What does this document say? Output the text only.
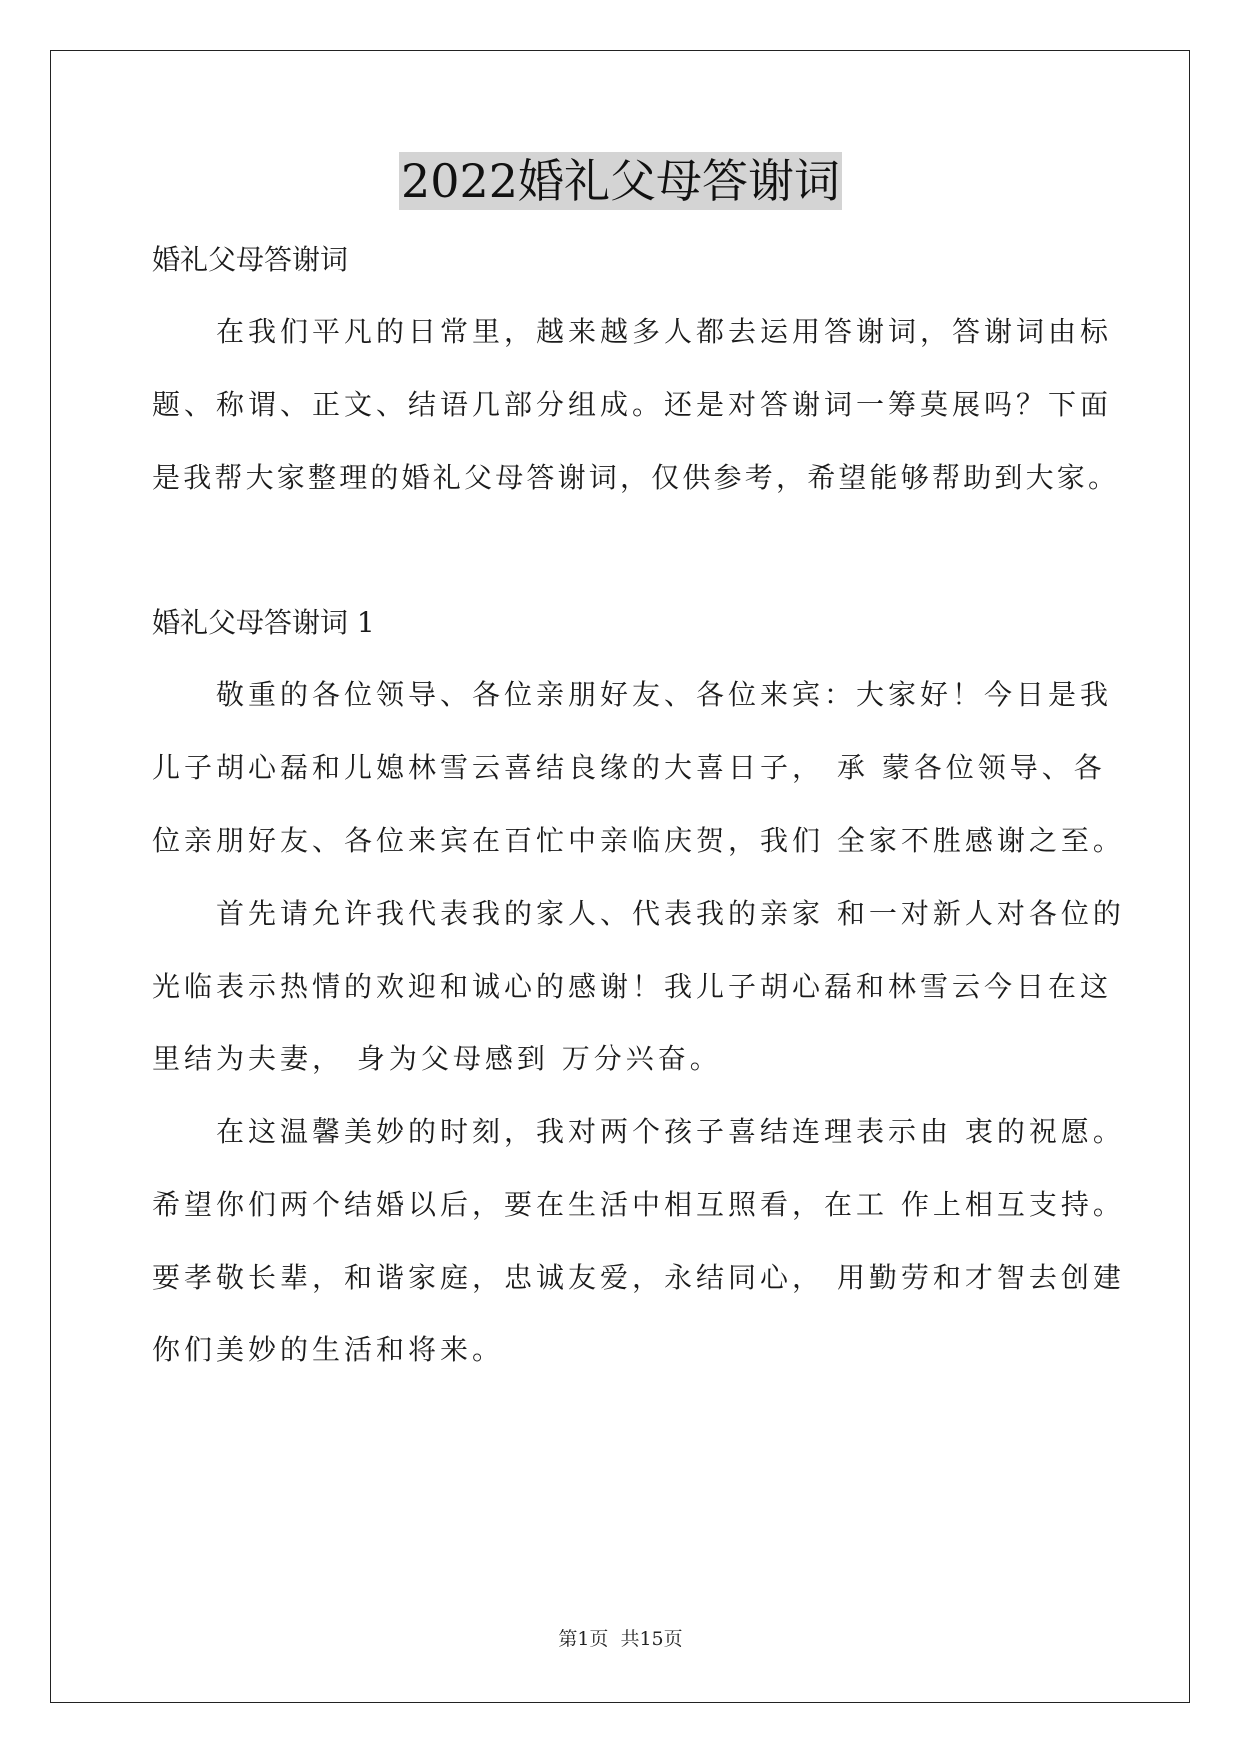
2022婚礼父母答谢词
婚礼父母答谢词
在我们平凡的日常里，越来越多人都去运用答谢词，答谢词由标
题、称谓、正文、结语几部分组成。还是对答谢词一筹莫展吗？下面
是我帮大家整理的婚礼父母答谢词，仅供参考，希望能够帮助到大家。
婚礼父母答谢词 1
敬重的各位领导、各位亲朋好友、各位来宾：大家好！今日是我
儿子胡心磊和儿媳林雪云喜结良缘的大喜日子， 承 蒙各位领导、各
位亲朋好友、各位来宾在百忙中亲临庆贺，我们 全家不胜感谢之至。
首先请允许我代表我的家人、代表我的亲家 和一对新人对各位的
光临表示热情的欢迎和诚心的感谢！我儿子胡心磊和林雪云今日在这
里结为夫妻， 身为父母感到 万分兴奋。
在这温馨美妙的时刻，我对两个孩子喜结连理表示由 衷的祝愿。
希望你们两个结婚以后，要在生活中相互照看，在工 作上相互支持。
要孝敬长辈，和谐家庭，忠诚友爱，永结同心， 用勤劳和才智去创建
你们美妙的生活和将来。
第1页 共15页
